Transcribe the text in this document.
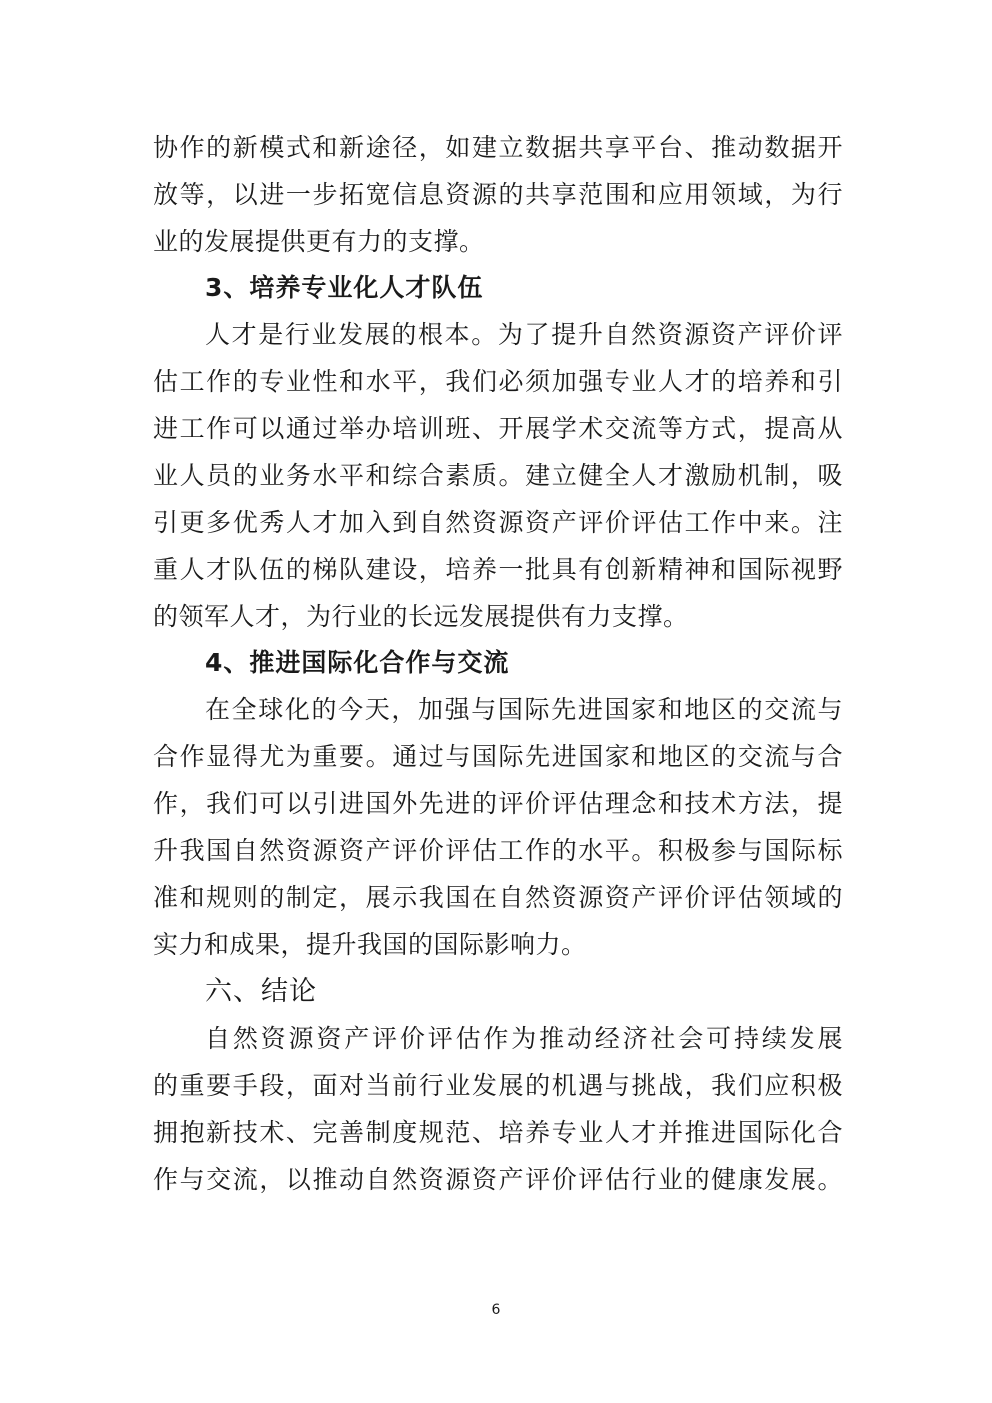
协作的新模式和新途径，如建立数据共享平台、推动数据开
放等，以进一步拓宽信息资源的共享范围和应用领域，为行
业的发展提供更有力的支撑。
3、培养专业化人才队伍
人才是行业发展的根本。为了提升自然资源资产评价评
估工作的专业性和水平，我们必须加强专业人才的培养和引
进工作可以通过举办培训班、开展学术交流等方式，提高从
业人员的业务水平和综合素质。建立健全人才激励机制，吸
引更多优秀人才加入到自然资源资产评价评估工作中来。注
重人才队伍的梯队建设，培养一批具有创新精神和国际视野
的领军人才，为行业的长远发展提供有力支撑。
4、推进国际化合作与交流
在全球化的今天，加强与国际先进国家和地区的交流与
合作显得尤为重要。通过与国际先进国家和地区的交流与合
作，我们可以引进国外先进的评价评估理念和技术方法，提
升我国自然资源资产评价评估工作的水平。积极参与国际标
准和规则的制定，展示我国在自然资源资产评价评估领域的
实力和成果，提升我国的国际影响力。
六、结论
自然资源资产评价评估作为推动经济社会可持续发展
的重要手段，面对当前行业发展的机遇与挑战，我们应积极
拥抱新技术、完善制度规范、培养专业人才并推进国际化合
作与交流，以推动自然资源资产评价评估行业的健康发展。
6
